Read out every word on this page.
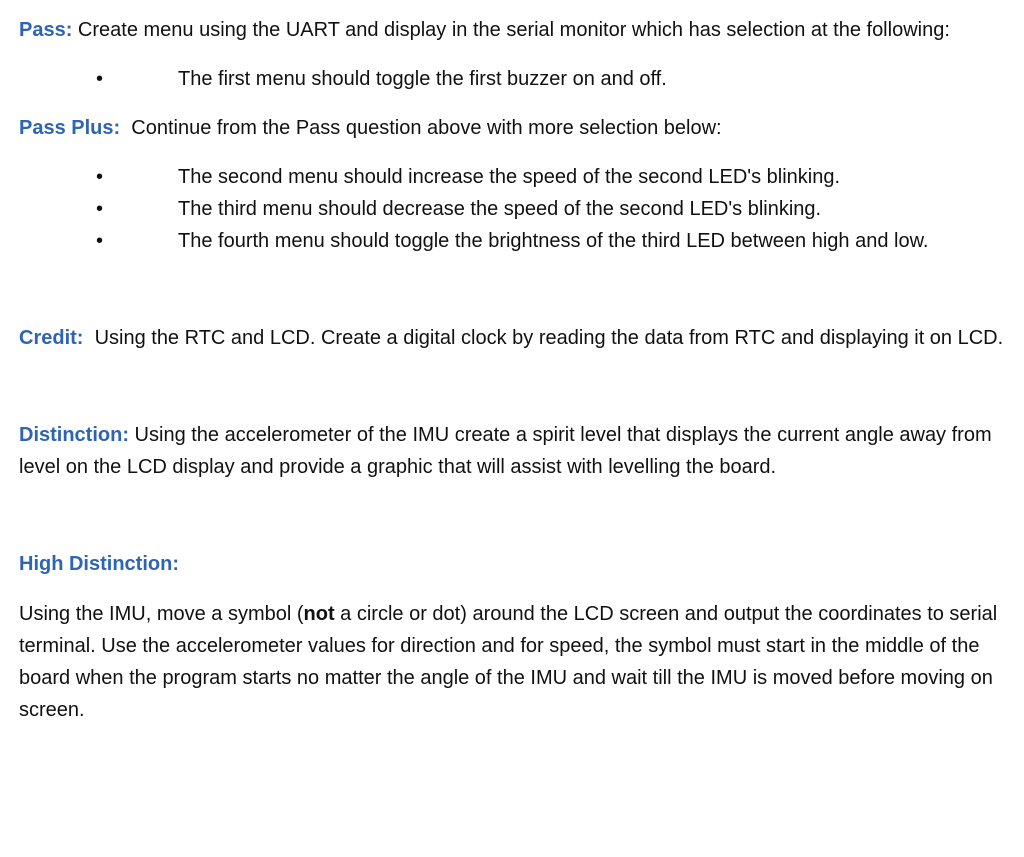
Pass: Create menu using the UART and display in the serial monitor which has selection at the following:

•	The first menu should toggle the first buzzer on and off.

Pass Plus:  Continue from the Pass question above with more selection below:

•	The second menu should increase the speed of the second LED's blinking.
•	The third menu should decrease the speed of the second LED's blinking.
•	The fourth menu should toggle the brightness of the third LED between high and low.

Credit:  Using the RTC and LCD. Create a digital clock by reading the data from RTC and displaying it on LCD.

Distinction: Using the accelerometer of the IMU create a spirit level that displays the current angle away from level on the LCD display and provide a graphic that will assist with levelling the board.

High Distinction:

Using the IMU, move a symbol (not a circle or dot) around the LCD screen and output the coordinates to serial terminal. Use the accelerometer values for direction and for speed, the symbol must start in the middle of the board when the program starts no matter the angle of the IMU and wait till the IMU is moved before moving on screen.
